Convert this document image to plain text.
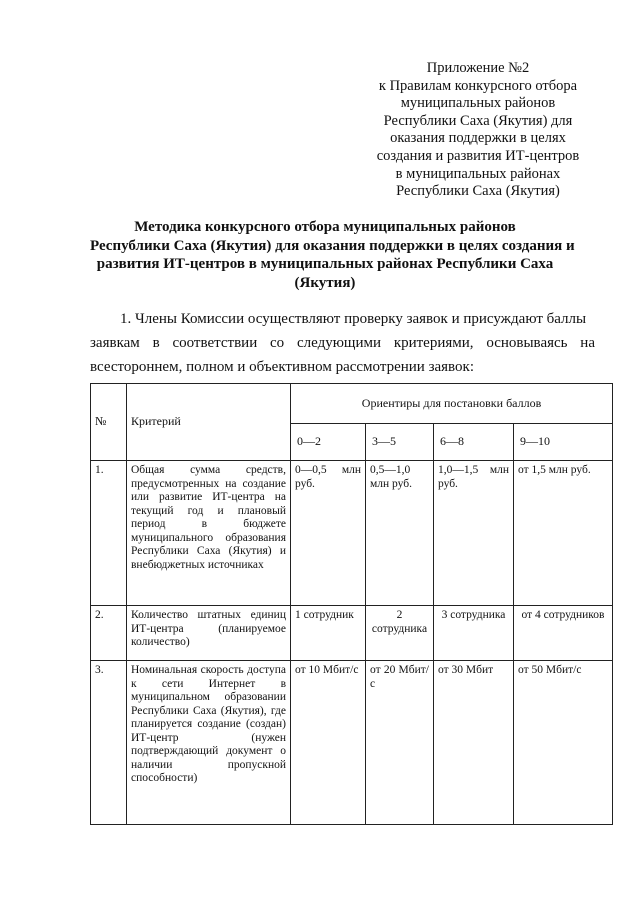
Приложение №2
к Правилам конкурсного отбора
муниципальных районов
Республики Саха (Якутия) для
оказания поддержки в целях
создания и развития ИТ-центров
в муниципальных районах
Республики Саха (Якутия)
Методика конкурсного отбора муниципальных районов
Республики Саха (Якутия) для оказания поддержки в целях создания и
развития ИТ-центров в муниципальных районах Республики Саха
(Якутия)
1. Члены Комиссии осуществляют проверку заявок и присуждают баллы
заявкам в соответствии со следующими критериями, основываясь на
всестороннем, полном и объективном рассмотрении заявок:
№	Критерий	Ориентиры для постановки баллов			
		0—2	3—5	6—8	9—10
1.	Общая сумма средств, предусмотренных на создание или развитие ИТ-центра на текущий год и плановый период в бюджете муниципального образования Республики Саха (Якутия) и внебюджетных источниках	0—0,5 млн руб.	0,5—1,0 млн руб.	1,0—1,5 млн руб.	от 1,5 млн руб.
2.	Количество штатных единиц ИТ-центра (планируемое количество)	1 сотрудник	2 сотрудника	3 сотрудника	от 4 сотрудников
3.	Номинальная скорость доступа к сети Интернет в муниципальном образовании Республики Саха (Якутия), где планируется создание (создан) ИТ-центр (нужен подтверждающий документ о наличии пропускной способности)	от 10 Мбит/с	от 20 Мбит/с	от 30 Мбит	от 50 Мбит/с
